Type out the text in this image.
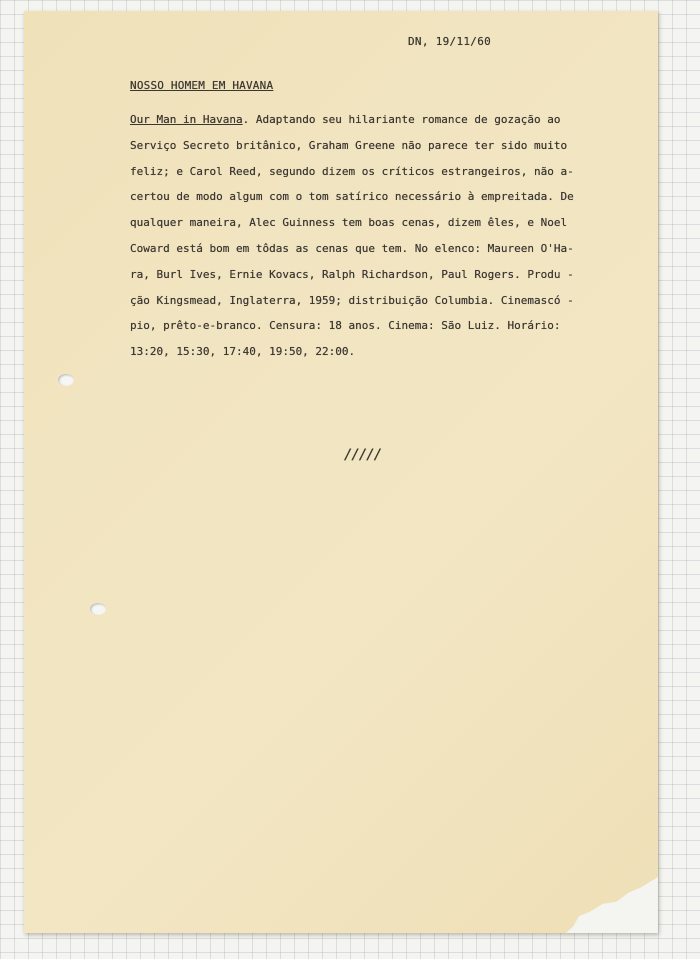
DN, 19/11/60
NOSSO HOMEM EM HAVANA
Our Man in Havana. Adaptando seu hilariante romance de gozação ao
Serviço Secreto britânico, Graham Greene não parece ter sido muito
feliz; e Carol Reed, segundo dizem os críticos estrangeiros, não a-
certou de modo algum com o tom satírico necessário à empreitada. De
qualquer maneira, Alec Guinness tem boas cenas, dizem êles, e Noel
Coward está bom em tôdas as cenas que tem. No elenco: Maureen O'Ha-
ra, Burl Ives, Ernie Kovacs, Ralph Richardson, Paul Rogers. Produ -
ção Kingsmead, Inglaterra, 1959; distribuição Columbia. Cinemascó -
pio, prêto-e-branco. Censura: 18 anos. Cinema: São Luiz. Horário:
13:20, 15:30, 17:40, 19:50, 22:00.
/////
